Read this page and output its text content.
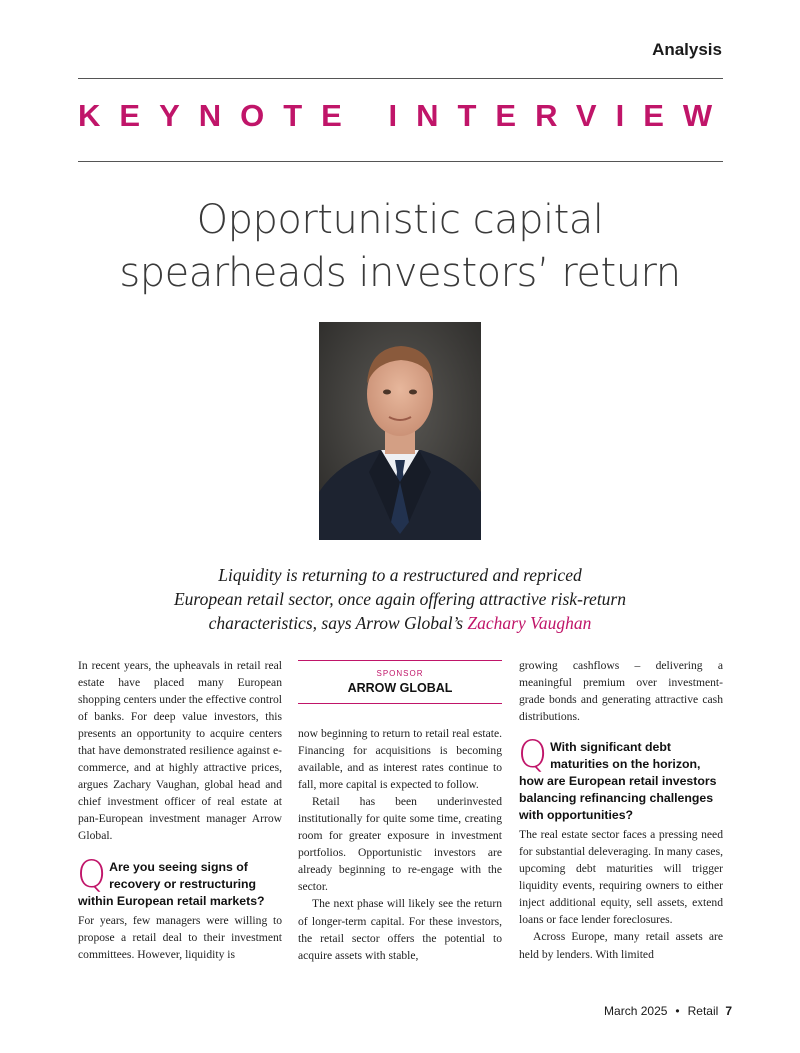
Analysis
KEYNOTE INTERVIEW
Opportunistic capital
spearheads investors’ return
Liquidity is returning to a restructured and repriced
European retail sector, once again offering attractive risk-return
characteristics, says Arrow Global’s Zachary Vaughan

In recent years, the upheavals in retail real estate have placed many European shopping centers under the effective control of banks. For deep value investors, this presents an opportunity to acquire centers that have demonstrated resilience against e-commerce, and at highly attractive prices, argues Zachary Vaughan, global head and chief investment officer of real estate at pan-European investment manager Arrow Global.

Q Are you seeing signs of recovery or restructuring within European retail markets?

For years, few managers were willing to propose a retail deal to their investment committees. However, liquidity is

SPONSOR
ARROW GLOBAL

now beginning to return to retail real estate. Financing for acquisitions is becoming available, and as interest rates continue to fall, more capital is expected to follow.

Retail has been underinvested institutionally for quite some time, creating room for greater exposure in investment portfolios. Opportunistic investors are already beginning to re-engage with the sector.

The next phase will likely see the return of longer-term capital. For these investors, the retail sector offers the potential to acquire assets with stable,

growing cashflows – delivering a meaningful premium over investment-grade bonds and generating attractive cash distributions.

Q With significant debt maturities on the horizon, how are European retail investors balancing refinancing challenges with opportunities?

The real estate sector faces a pressing need for substantial deleveraging. In many cases, upcoming debt maturities will trigger liquidity events, requiring owners to either inject additional equity, sell assets, extend loans or face lender foreclosures.

Across Europe, many retail assets are held by lenders. With limited

March 2025 • Retail 7
